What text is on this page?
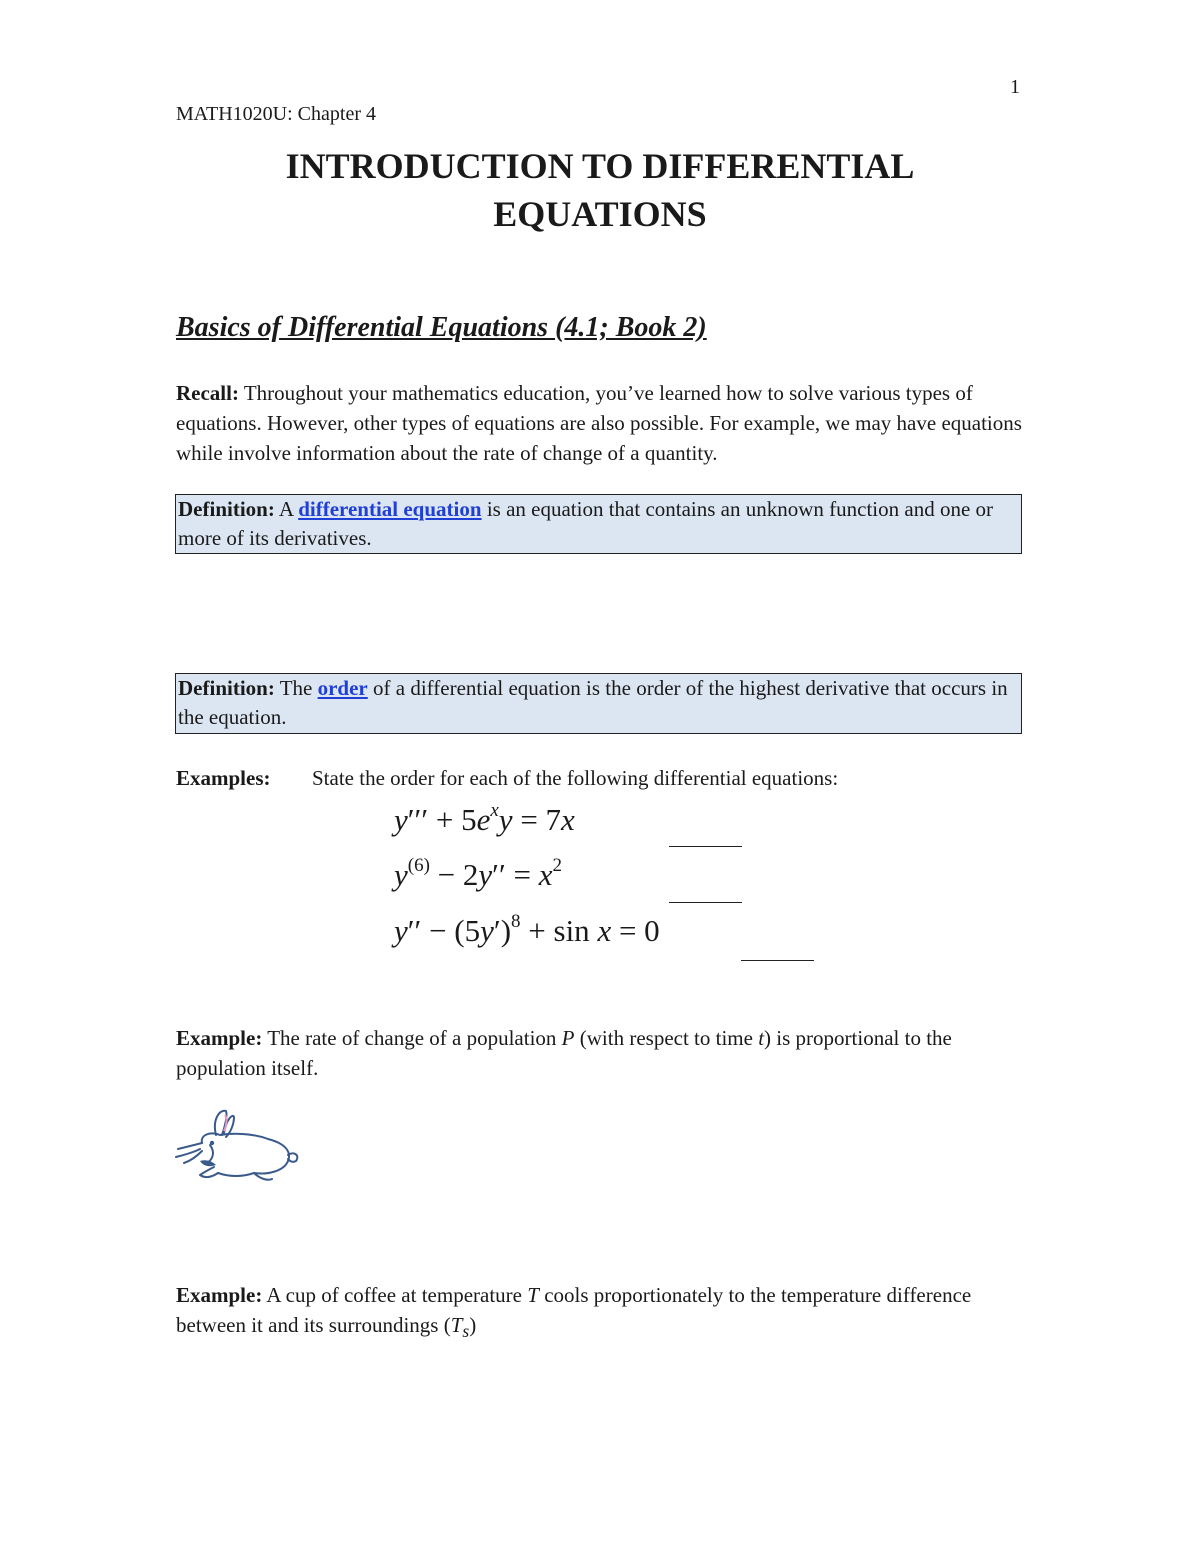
1
MATH1020U: Chapter 4
INTRODUCTION TO DIFFERENTIAL
EQUATIONS
Basics of Differential Equations (4.1; Book 2)
Recall: Throughout your mathematics education, you’ve learned how to solve various types of equations. However, other types of equations are also possible. For example, we may have equations while involve information about the rate of change of a quantity.
Definition: A differential equation is an equation that contains an unknown function and one or more of its derivatives.
Definition: The order of a differential equation is the order of the highest derivative that occurs in the equation.
Examples: State the order for each of the following differential equations:
$y''' + 5e^xy = 7x$
$y^{(6)} - 2y'' = x^2$
$y'' - (5y')^8 + \sin x = 0$
Example: The rate of change of a population P (with respect to time t) is proportional to the population itself.
Example: A cup of coffee at temperature T cools proportionately to the temperature difference between it and its surroundings $(T_s)$
